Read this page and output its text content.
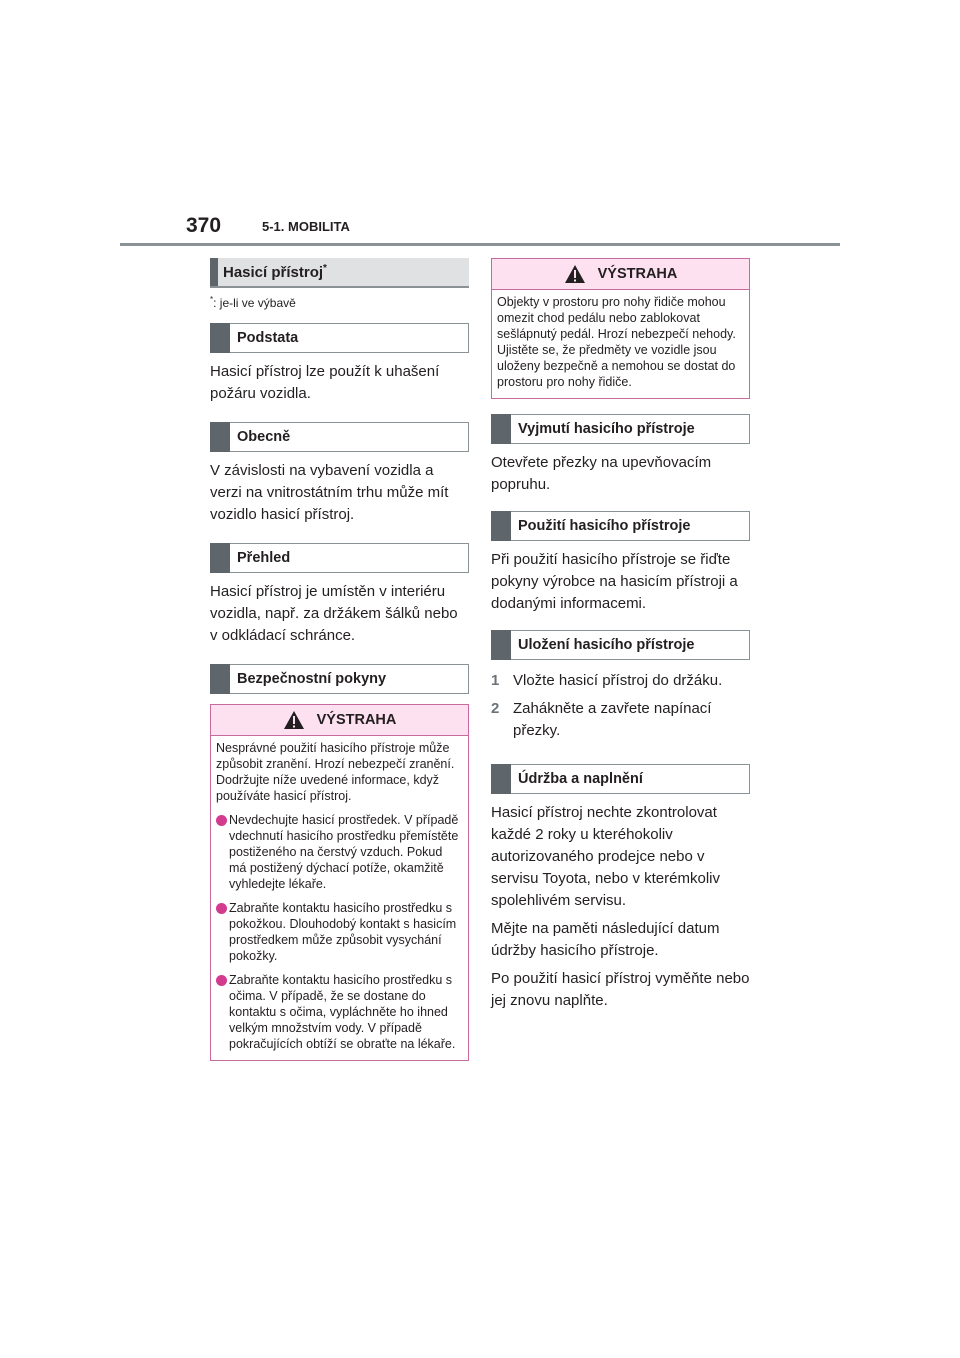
370	5-1. MOBILITA
Hasicí přístroj*
*: je-li ve výbavě
Podstata

Hasicí přístroj lze použít k uhašení požáru vozidla.

Obecně

V závislosti na vybavení vozidla a verzi na vnitrostátním trhu může mít vozidlo hasicí přístroj.

Přehled

Hasicí přístroj je umístěn v interiéru vozidla, např. za držákem šálků nebo v odkládací schránce.

Bezpečnostní pokyny
VÝSTRAHA

Nesprávné použití hasicího přístroje může způsobit zranění. Hrozí nebezpečí zranění. Dodržujte níže uvedené informace, když používáte hasicí přístroj.

Nevdechujte hasicí prostředek. V případě vdechnutí hasicího prostředku přemístěte postiženého na čerstvý vzduch. Pokud má postižený dýchací potíže, okamžitě vyhledejte lékaře.
Zabraňte kontaktu hasicího prostředku s pokožkou. Dlouhodobý kontakt s hasicím prostředkem může způsobit vysychání pokožky.
Zabraňte kontaktu hasicího prostředku s očima. V případě, že se dostane do kontaktu s očima, vypláchněte ho ihned velkým množstvím vody. V případě pokračujících obtíží se obraťte na lékaře.
VÝSTRAHA

Objekty v prostoru pro nohy řidiče mohou omezit chod pedálu nebo zablokovat sešlápnutý pedál. Hrozí nebezpečí nehody. Ujistěte se, že předměty ve vozidle jsou uloženy bezpečně a nemohou se dostat do prostoru pro nohy řidiče.

Vyjmutí hasicího přístroje

Otevřete přezky na upevňovacím popruhu.

Použití hasicího přístroje

Při použití hasicího přístroje se řiďte pokyny výrobce na hasicím přístroji a dodanými informacemi.

Uložení hasicího přístroje
1 Vložte hasicí přístroj do držáku.
2 Zahákněte a zavřete napínací přezky.
Údržba a naplnění

Hasicí přístroj nechte zkontrolovat každé 2 roky u kteréhokoliv autorizovaného prodejce nebo v servisu Toyota, nebo v kterémkoliv spolehlivém servisu.

Mějte na paměti následující datum údržby hasicího přístroje.

Po použití hasicí přístroj vyměňte nebo jej znovu naplňte.
